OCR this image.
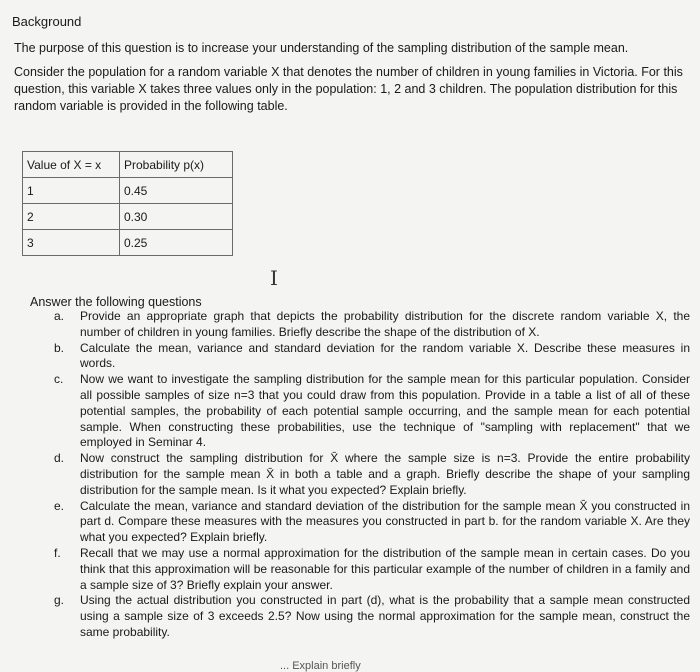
Background

The purpose of this question is to increase your understanding of the sampling distribution of the sample mean.

Consider the population for a random variable X that denotes the number of children in young families in Victoria. For this question, this variable X takes three values only in the population: 1, 2 and 3 children. The population distribution for this random variable is provided in the following table.

Value of X = x	Probability p(x)
1	0.45
2	0.30
3	0.25
I
Answer the following questions
a. Provide an appropriate graph that depicts the probability distribution for the discrete random variable X, the number of children in young families. Briefly describe the shape of the distribution of X.
b. Calculate the mean, variance and standard deviation for the random variable X. Describe these measures in words.
c. Now we want to investigate the sampling distribution for the sample mean for this particular population. Consider all possible samples of size n=3 that you could draw from this population. Provide in a table a list of all of these potential samples, the probability of each potential sample occurring, and the sample mean for each potential sample. When constructing these probabilities, use the technique of "sampling with replacement" that we employed in Seminar 4.
d. Now construct the sampling distribution for X̄ where the sample size is n=3. Provide the entire probability distribution for the sample mean X̄ in both a table and a graph. Briefly describe the shape of your sampling distribution for the sample mean. Is it what you expected? Explain briefly.
e. Calculate the mean, variance and standard deviation of the distribution for the sample mean X̄ you constructed in part d. Compare these measures with the measures you constructed in part b. for the random variable X. Are they what you expected? Explain briefly.
f. Recall that we may use a normal approximation for the distribution of the sample mean in certain cases. Do you think that this approximation will be reasonable for this particular example of the number of children in a family and a sample size of 3? Briefly explain your answer.
g. Using the actual distribution you constructed in part (d), what is the probability that a sample mean constructed using a sample size of 3 exceeds 2.5? Now using the normal approximation for the sample mean, construct the same probability.
... Explain briefly
